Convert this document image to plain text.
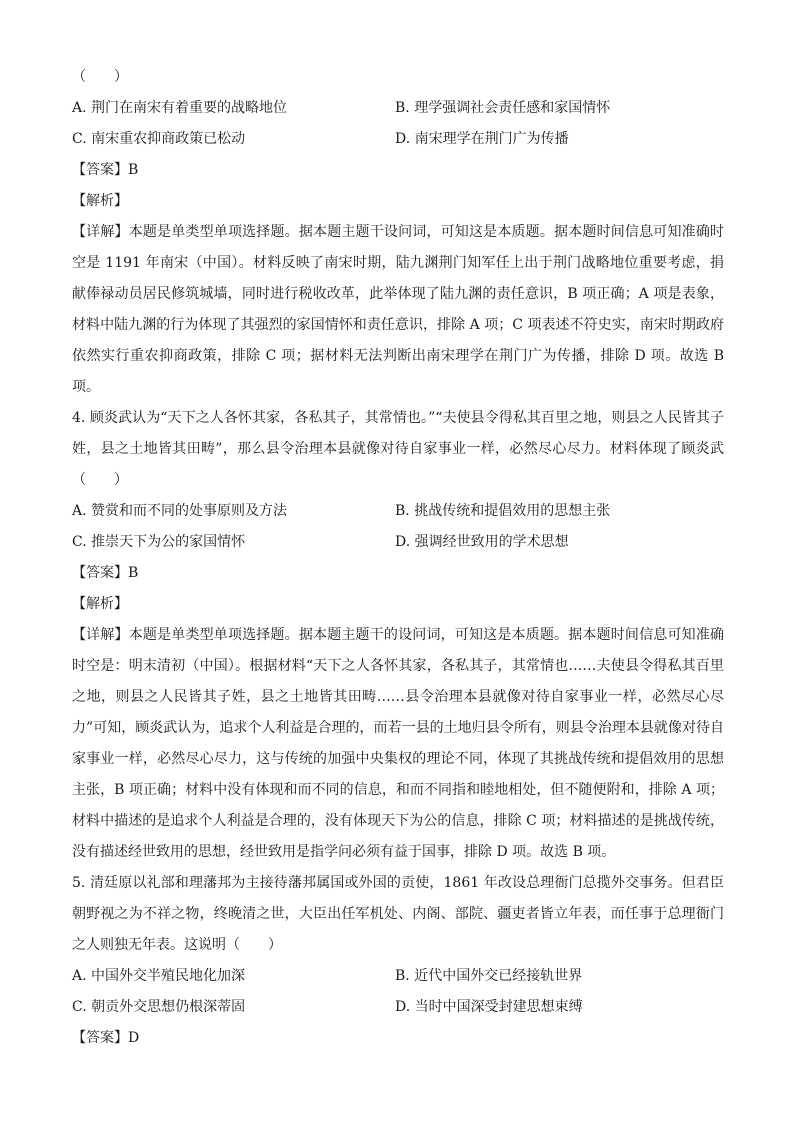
（　　）
A. 荆门在南宋有着重要的战略地位	B. 理学强调社会责任感和家国情怀
C. 南宋重农抑商政策已松动	D. 南宋理学在荆门广为传播
【答案】B
【解析】

【详解】本题是单类型单项选择题。据本题主题干设问词，可知这是本质题。据本题时间信息可知准确时空是 1191 年南宋（中国）。材料反映了南宋时期，陆九渊荆门知军任上出于荆门战略地位重要考虑，捐献俸禄动员居民修筑城墙，同时进行税收改革，此举体现了陆九渊的责任意识，B 项正确；A 项是表象，材料中陆九渊的行为体现了其强烈的家国情怀和责任意识，排除 A 项；C 项表述不符史实，南宋时期政府依然实行重农抑商政策，排除 C 项；据材料无法判断出南宋理学在荆门广为传播，排除 D 项。故选 B 项。

4. 顾炎武认为“天下之人各怀其家，各私其子，其常情也。”“夫使县令得私其百里之地，则县之人民皆其子姓，县之土地皆其田畴”，那么县令治理本县就像对待自家事业一样，必然尽心尽力。材料体现了顾炎武（　　）

A. 赞赏和而不同的处事原则及方法	B. 挑战传统和提倡效用的思想主张
C. 推崇天下为公的家国情怀	D. 强调经世致用的学术思想
【答案】B
【解析】

【详解】本题是单类型单项选择题。据本题主题干的设问词，可知这是本质题。据本题时间信息可知准确时空是：明末清初（中国）。根据材料“天下之人各怀其家，各私其子，其常情也……夫使县令得私其百里之地，则县之人民皆其子姓，县之土地皆其田畴……县令治理本县就像对待自家事业一样，必然尽心尽力”可知，顾炎武认为，追求个人利益是合理的，而若一县的土地归县令所有，则县令治理本县就像对待自家事业一样，必然尽心尽力，这与传统的加强中央集权的理论不同，体现了其挑战传统和提倡效用的思想主张，B 项正确；材料中没有体现和而不同的信息，和而不同指和睦地相处，但不随便附和，排除 A 项；材料中描述的是追求个人利益是合理的，没有体现天下为公的信息，排除 C 项；材料描述的是挑战传统，没有描述经世致用的思想，经世致用是指学问必须有益于国事，排除 D 项。故选 B 项。

5. 清廷原以礼部和理藩邦为主接待藩邦属国或外国的贡使，1861 年改设总理衙门总揽外交事务。但君臣朝野视之为不祥之物，终晚清之世，大臣出任军机处、内阁、部院、疆吏者皆立年表，而任事于总理衙门之人则独无年表。这说明（　　）

A. 中国外交半殖民地化加深	B. 近代中国外交已经接轨世界
C. 朝贡外交思想仍根深蒂固	D. 当时中国深受封建思想束缚
【答案】D
